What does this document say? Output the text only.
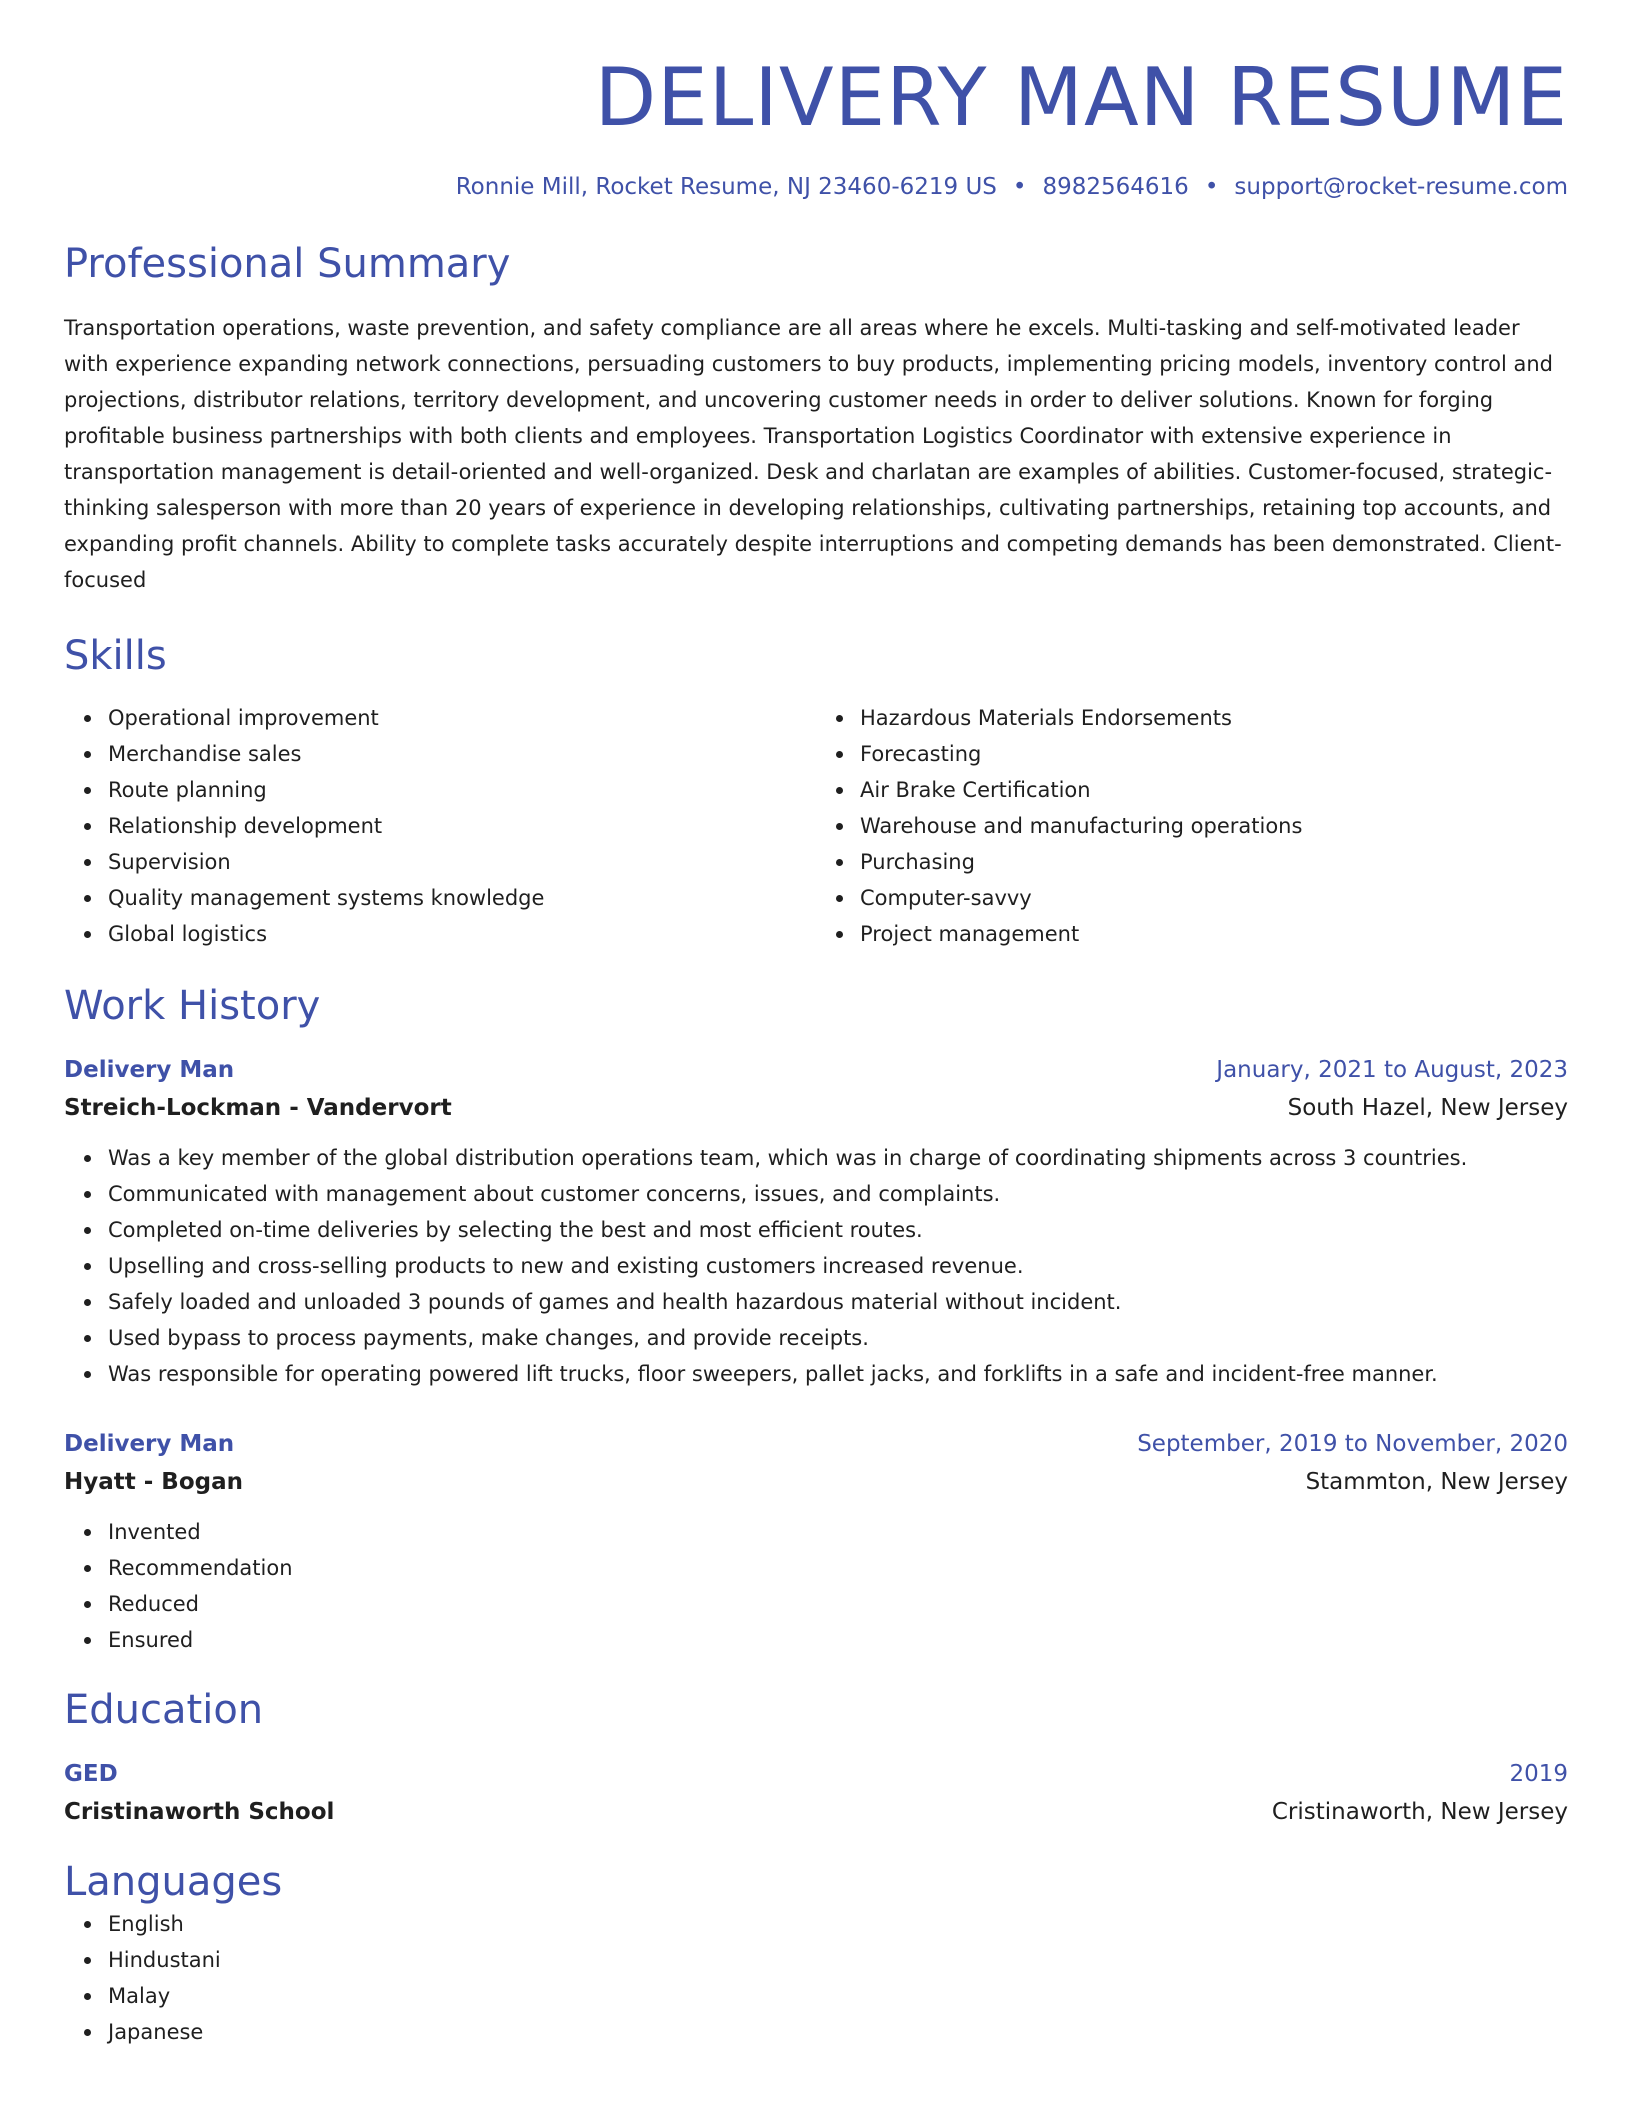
DELIVERY MAN RESUME
Ronnie Mill, Rocket Resume, NJ 23460-6219 US • 8982564616 • support@rocket-resume.com
Professional Summary
Transportation operations, waste prevention, and safety compliance are all areas where he excels. Multi-tasking and self-motivated leader with experience expanding network connections, persuading customers to buy products, implementing pricing models, inventory control and projections, distributor relations, territory development, and uncovering customer needs in order to deliver solutions. Known for forging profitable business partnerships with both clients and employees. Transportation Logistics Coordinator with extensive experience in transportation management is detail-oriented and well-organized. Desk and charlatan are examples of abilities. Customer-focused, strategic-thinking salesperson with more than 20 years of experience in developing relationships, cultivating partnerships, retaining top accounts, and expanding profit channels. Ability to complete tasks accurately despite interruptions and competing demands has been demonstrated. Client-focused
Skills
Operational improvement
Merchandise sales
Route planning
Relationship development
Supervision
Quality management systems knowledge
Global logistics
Hazardous Materials Endorsements
Forecasting
Air Brake Certification
Warehouse and manufacturing operations
Purchasing
Computer-savvy
Project management
Work History
Delivery Man	January, 2021 to August, 2023
Streich-Lockman - Vandervort	South Hazel, New Jersey
Was a key member of the global distribution operations team, which was in charge of coordinating shipments across 3 countries.
Communicated with management about customer concerns, issues, and complaints.
Completed on-time deliveries by selecting the best and most efficient routes.
Upselling and cross-selling products to new and existing customers increased revenue.
Safely loaded and unloaded 3 pounds of games and health hazardous material without incident.
Used bypass to process payments, make changes, and provide receipts.
Was responsible for operating powered lift trucks, floor sweepers, pallet jacks, and forklifts in a safe and incident-free manner.
Delivery Man	September, 2019 to November, 2020
Hyatt - Bogan	Stammton, New Jersey
Invented
Recommendation
Reduced
Ensured
Education
GED	2019
Cristinaworth School	Cristinaworth, New Jersey
Languages
English
Hindustani
Malay
Japanese
